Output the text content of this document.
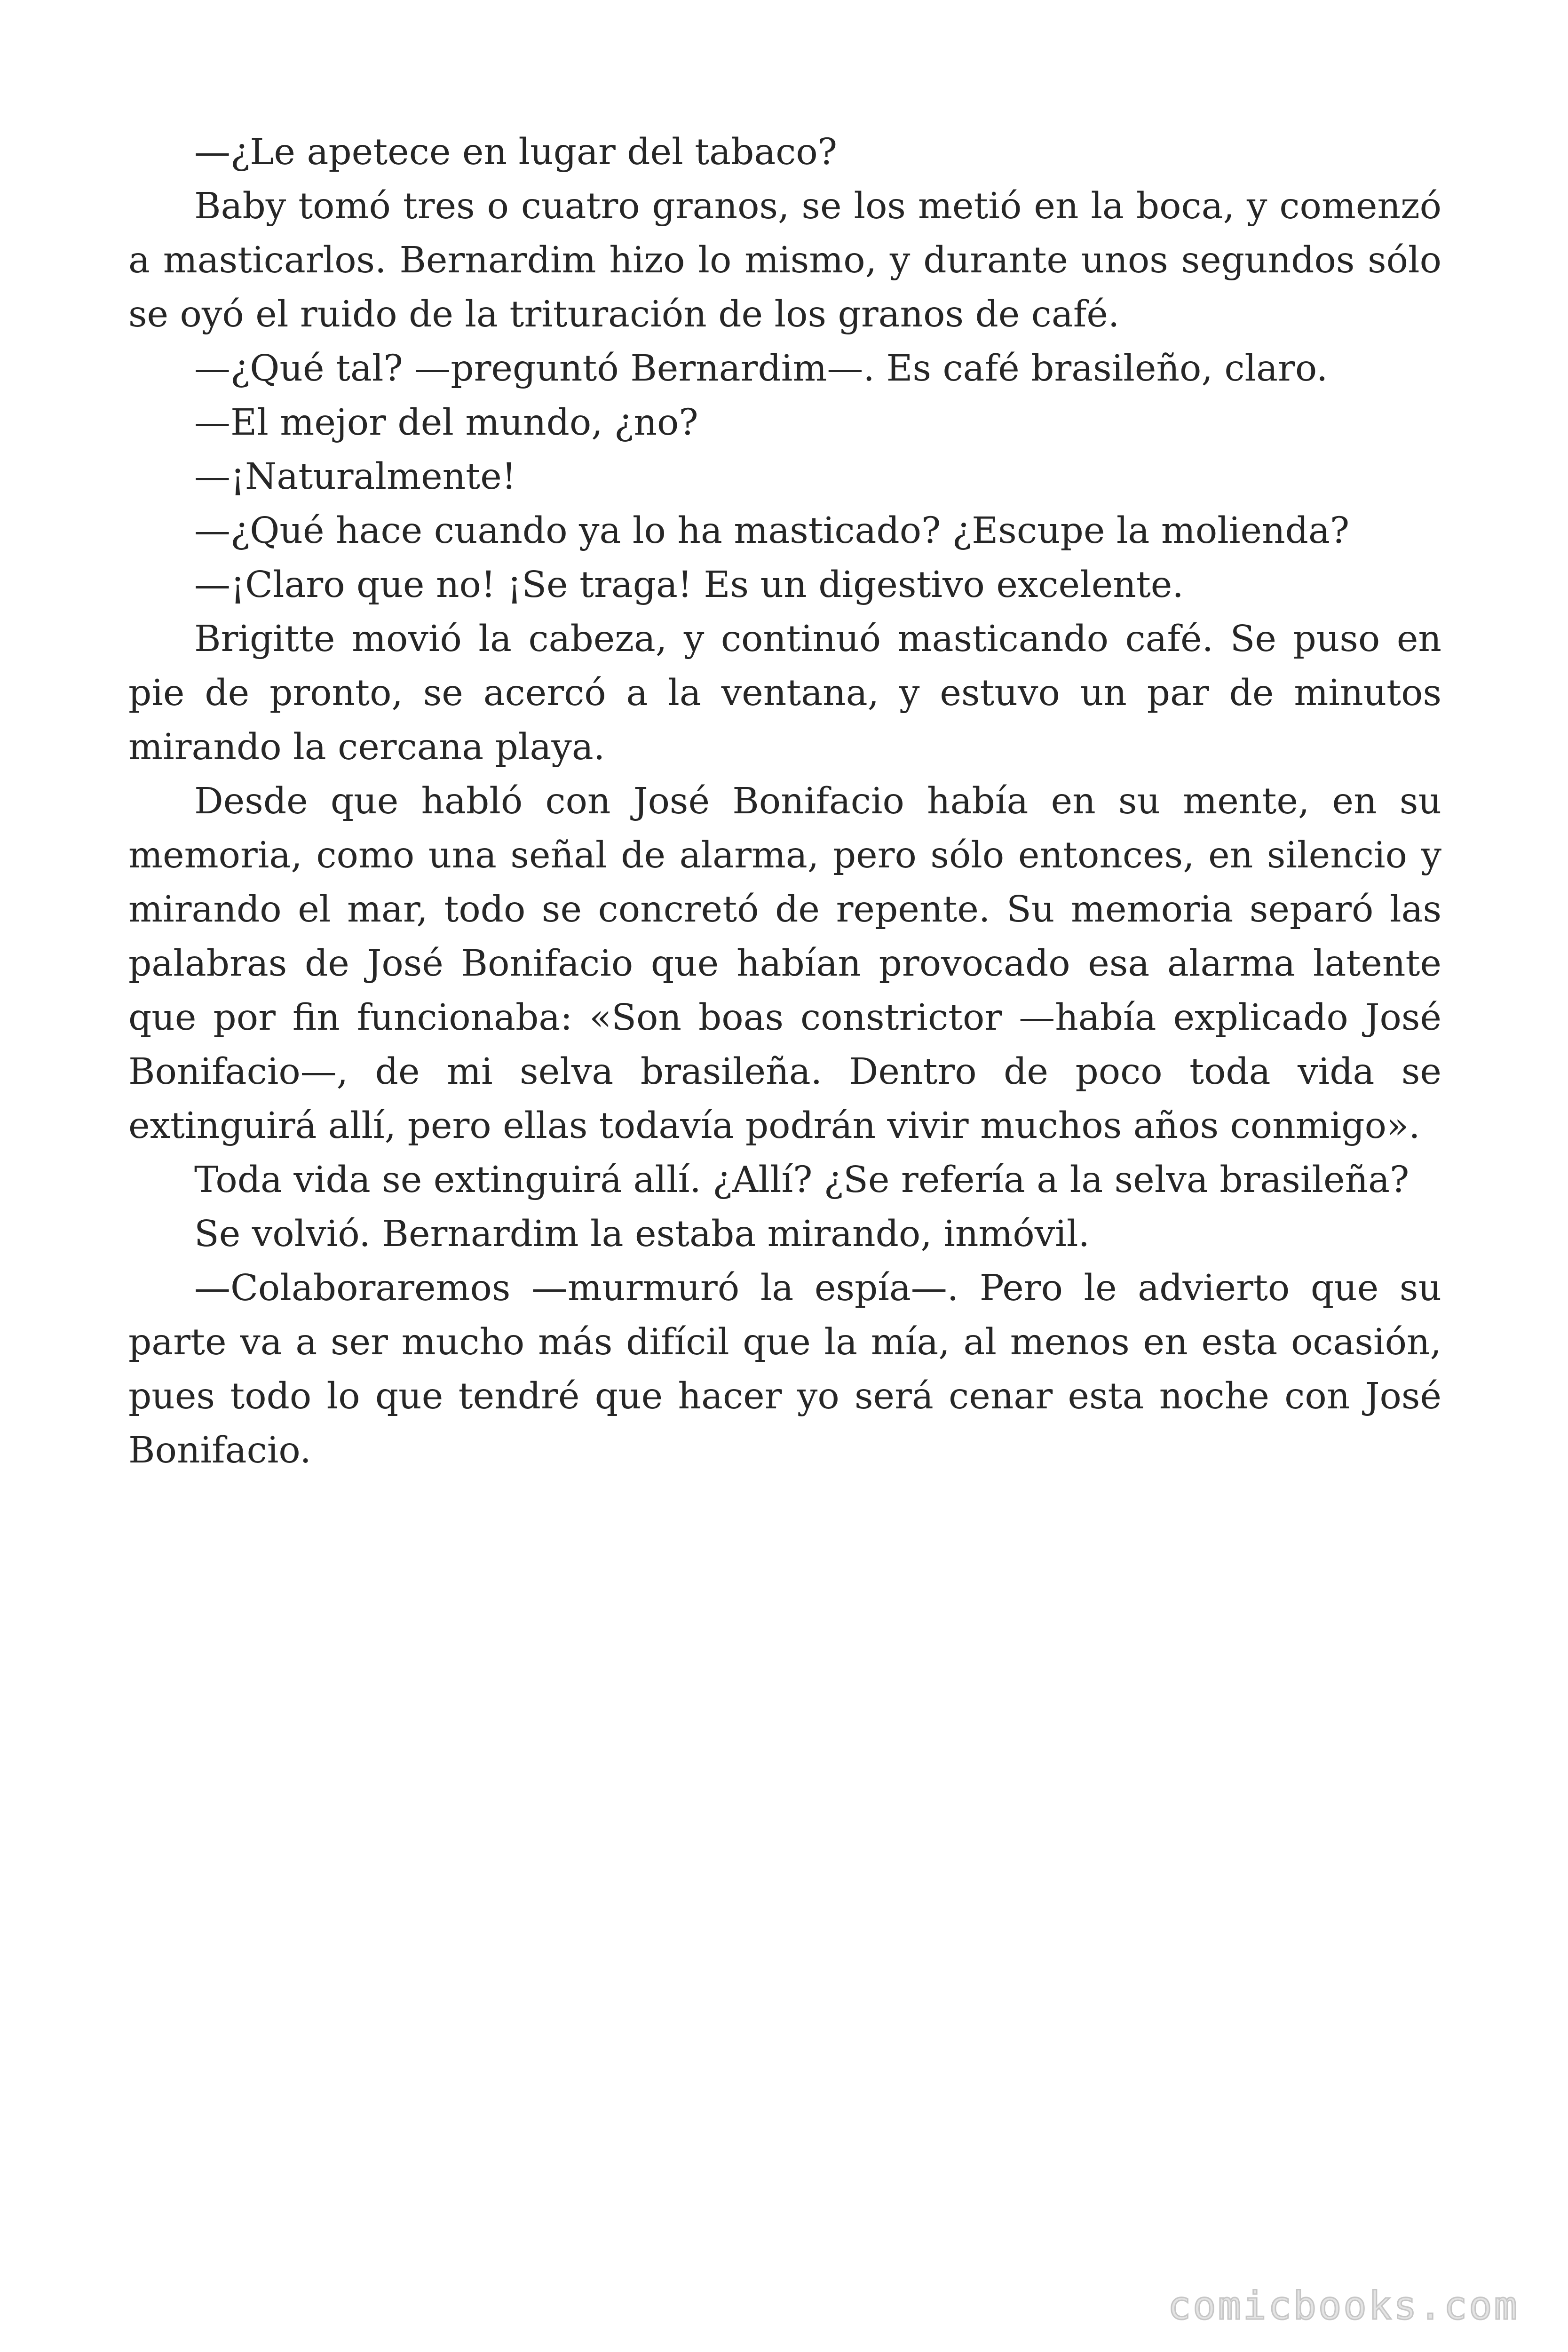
—¿Le apetece en lugar del tabaco?

Baby tomó tres o cuatro granos, se los metió en la boca, y comenzó a masticarlos. Bernardim hizo lo mismo, y durante unos segundos sólo se oyó el ruido de la trituración de los granos de café.

—¿Qué tal? —preguntó Bernardim—. Es café brasileño, claro.

—El mejor del mundo, ¿no?

—¡Naturalmente!

—¿Qué hace cuando ya lo ha masticado? ¿Escupe la molienda?

—¡Claro que no! ¡Se traga! Es un digestivo excelente.

Brigitte movió la cabeza, y continuó masticando café. Se puso en pie de pronto, se acercó a la ventana, y estuvo un par de minutos mirando la cercana playa.

Desde que habló con José Bonifacio había en su mente, en su memoria, como una señal de alarma, pero sólo entonces, en silencio y mirando el mar, todo se concretó de repente. Su memoria separó las palabras de José Bonifacio que habían provocado esa alarma latente que por fin funcionaba: «Son boas constrictor —había explicado José Bonifacio—, de mi selva brasileña. Dentro de poco toda vida se extinguirá allí, pero ellas todavía podrán vivir muchos años conmigo».

Toda vida se extinguirá allí. ¿Allí? ¿Se refería a la selva brasileña?

Se volvió. Bernardim la estaba mirando, inmóvil.

—Colaboraremos —murmuró la espía—. Pero le advierto que su parte va a ser mucho más difícil que la mía, al menos en esta ocasión, pues todo lo que tendré que hacer yo será cenar esta noche con José Bonifacio.

comicbooks.com
